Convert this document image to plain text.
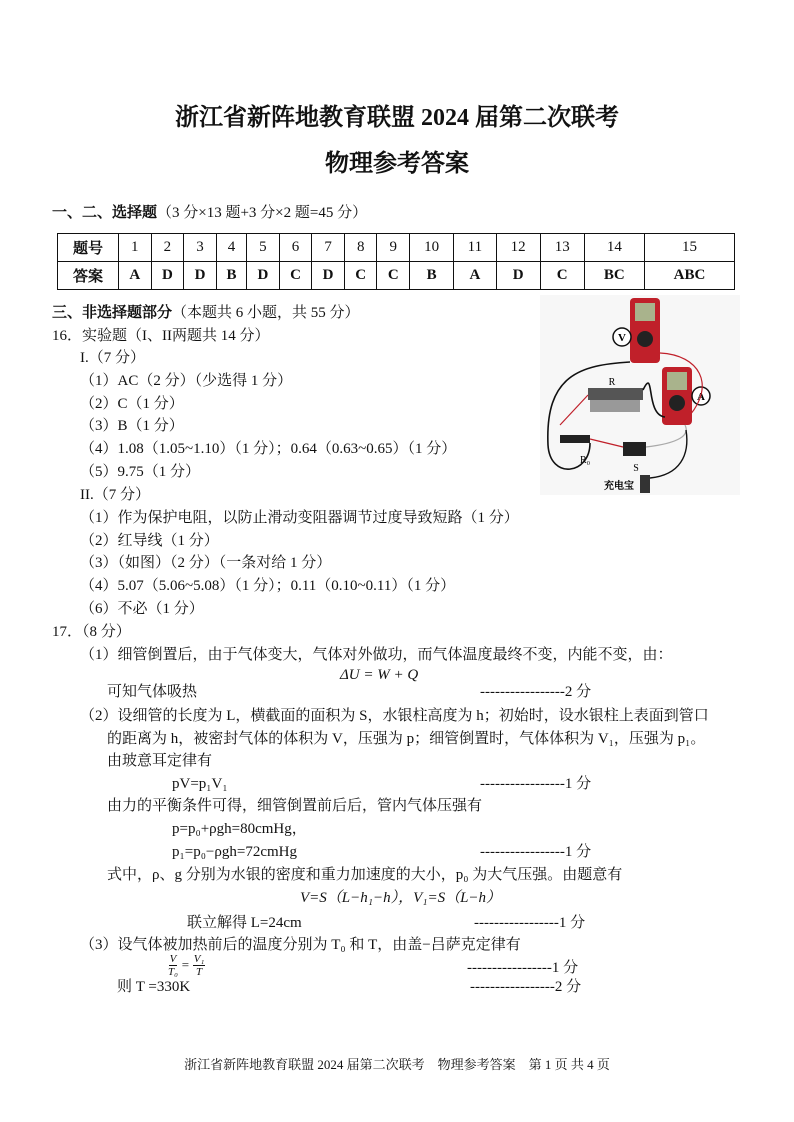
浙江省新阵地教育联盟 2024 届第二次联考
物理参考答案
一、二、选择题（3 分×13 题+3 分×2 题=45 分）
题号	1	2	3	4	5	6	7	8	9	10	11	12	13	14	15
答案	A	D	D	B	D	C	D	C	C	B	A	D	C	BC	ABC
三、非选择题部分（本题共 6 小题，共 55 分）
16．实验题（I、II两题共 14 分）
I.（7 分）
（1）AC（2 分）（少选得 1 分）
（2）C（1 分）
（3）B（1 分）
（4）1.08（1.05~1.10）（1 分）；0.64（0.63~0.65）（1 分）
（5）9.75（1 分）
II.（7 分）
（1）作为保护电阻，以防止滑动变阻器调节过度导致短路（1 分）
（2）红导线（1 分）
（3）（如图）（2 分）（一条对给 1 分）
（4）5.07（5.06~5.08）（1 分）；0.11（0.10~0.11）（1 分）
（6）不必（1 分）
V
A
R
R₀
S
充电宝
17．（8 分）
（1）细管倒置后，由于气体变大，气体对外做功，而气体温度最终不变，内能不变，由：
ΔU = W + Q
可知气体吸热	-----------------2 分
（2）设细管的长度为 L，横截面的面积为 S，水银柱高度为 h；初始时，设水银柱上表面到管口
的距离为 h，被密封气体的体积为 V，压强为 p；细管倒置时，气体体积为 V₁，压强为 p₁。
由玻意耳定律有
pV=p₁V₁	-----------------1 分
由力的平衡条件可得，细管倒置前后后，管内气体压强有
p=p₀+ρgh=80cmHg，
p₁=p₀−ρgh=72cmHg	-----------------1 分
式中，ρ、g 分别为水银的密度和重力加速度的大小，p₀ 为大气压强。由题意有
V=S（L−h₁−h），V₁=S（L−h）
联立解得 L=24cm	-----------------1 分
（3）设气体被加热前后的温度分别为 T₀ 和 T，由盖−吕萨克定律有
$\frac{V}{\text{T₀}} = \frac{\text{V₁}}{T}$	-----------------1 分
则 T =330K	-----------------2 分
浙江省新阵地教育联盟 2024 届第二次联考　物理参考答案　第 1 页 共 4 页
